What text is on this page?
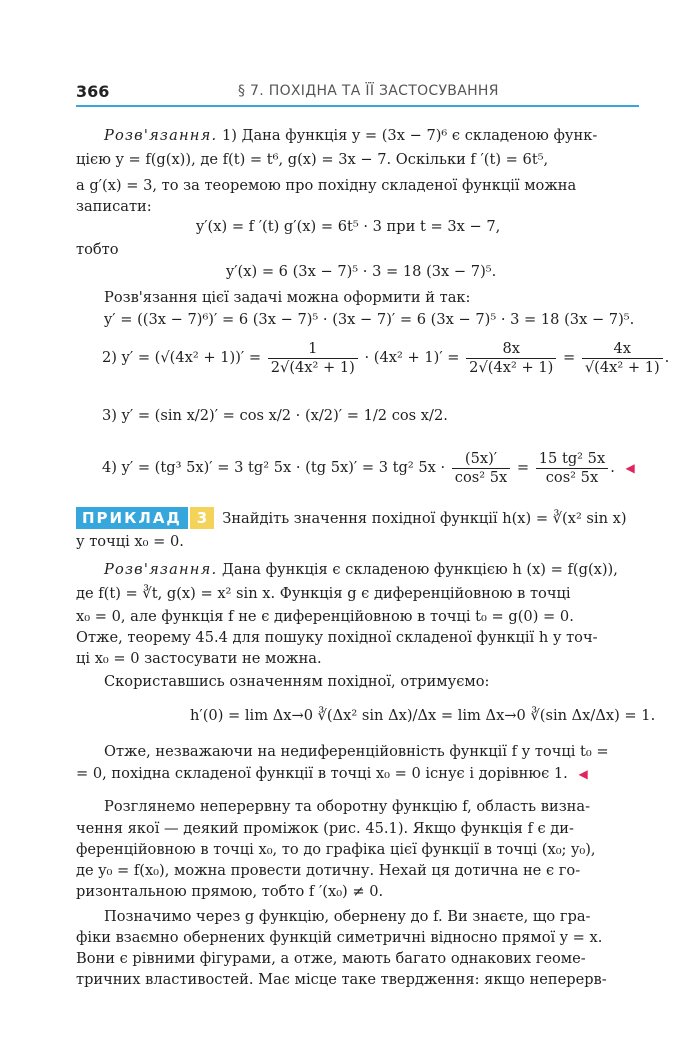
366	§ 7. ПОХІДНА ТА ЇЇ ЗАСТОСУВАННЯ
Розв'язання. 1) Дана функція y = (3x − 7)⁶ є складеною функ-
цією y = f(g(x)), де f(t) = t⁶, g(x) = 3x − 7. Оскільки f ′(t) = 6t⁵,
а g′(x) = 3, то за теоремою про похідну складеної функції можна
записати:
y′(x) = f ′(t) g′(x) = 6t⁵ · 3 при t = 3x − 7,
тобто
y′(x) = 6 (3x − 7)⁵ · 3 = 18 (3x − 7)⁵.
Розв'язання цієї задачі можна оформити й так:
y′ = ((3x − 7)⁶)′ = 6 (3x − 7)⁵ · (3x − 7)′ = 6 (3x − 7)⁵ · 3 = 18 (3x − 7)⁵.
2) $y' = (√(4x^2 + 1))' = \frac{1}{\text{2√(4x² + 1)}} \cdot (4x^2 + 1)' = \frac{8x}{\text{2√(4x² + 1)}} = \frac{4x}{\text{√(4x² + 1)}}$ .
3) y′ = (sin x/2)′ = cos x/2 · (x/2)′ = 1/2 cos x/2.
4) y′ = (tg³ 5x)′ = 3 tg² 5x · (tg 5x)′ = 3 tg² $5x \cdot \frac{(5x)'}{\text{cos² 5x}} = \frac{\text{15 tg² 5x}}{\text{cos² 5x}}$ . ◀
ПРИКЛАД 3 Знайдіть значення похідної функції h(x) = ∛(x² sin x)
у точці x₀ = 0.
Розв'язання. Дана функція є складеною функцією h (x) = f(g(x)),
де f(t) = ∛t, g(x) = x² sin x. Функція g є диференційовною в точці
x₀ = 0, але функція f не є диференційовною в точці t₀ = g(0) = 0.
Отже, теорему 45.4 для пошуку похідної складеної функції h у точ-
ці x₀ = 0 застосувати не можна.
Скориставшись означенням похідної, отримуємо:
h′(0) = lim Δx→0 ∛(Δx² sin Δx)/Δx = lim Δx→0 ∛(sin Δx/Δx) = 1.
Отже, незважаючи на недиференційовність функції f у точці t₀ =
= 0, похідна складеної функції в точці x₀ = 0 існує і дорівнює 1. ◀
Розглянемо неперервну та оборотну функцію f, область визна-
чення якої — деякий проміжок (рис. 45.1). Якщо функція f є ди-
ференційовною в точці x₀, то до графіка цієї функції в точці (x₀; y₀),
де y₀ = f(x₀), можна провести дотичну. Нехай ця дотична не є го-
ризонтальною прямою, тобто f ′(x₀) ≠ 0.
Позначимо через g функцію, обернену до f. Ви знаєте, що гра-
фіки взаємно обернених функцій симетричні відносно прямої y = x.
Вони є рівними фігурами, а отже, мають багато однакових геоме-
тричних властивостей. Має місце таке твердження: якщо неперерв-
